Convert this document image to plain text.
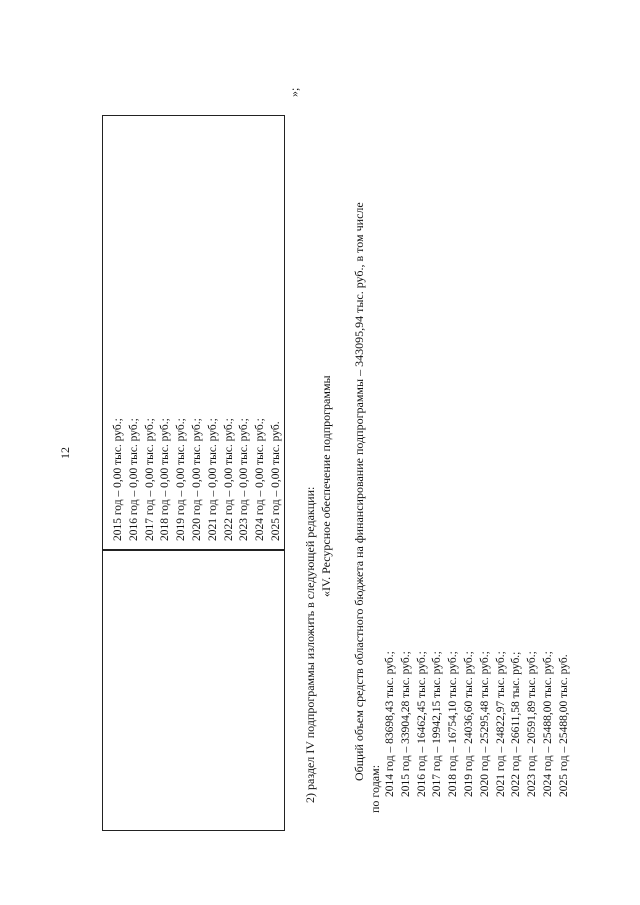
12	2015 год – 0,00 тыс. руб.; 2016 год – 0,00 тыс. руб.; 2017 год – 0,00 тыс. руб.; 2018 год – 0,00 тыс. руб.; 2019 год – 0,00 тыс. руб.; 2020 год – 0,00 тыс. руб.; 2021 год – 0,00 тыс. руб.; 2022 год – 0,00 тыс. руб.; 2023 год – 0,00 тыс. руб.; 2024 год – 0,00 тыс. руб.; 2025 год – 0,00 тыс. руб.
»;
2) раздел IV подпрограммы изложить в следующей редакции:
«IV. Ресурсное обеспечение подпрограммы Общий объем средств областного бюджета на финансирование подпрограммы – 343095,94 тыс. руб., в том числе
по годам: 2014 год – 83698,43 тыс. руб.; 2015 год – 33904,28 тыс. руб.; 2016 год – 16462,45 тыс. руб.; 2017 год – 19942,15 тыс. руб.; 2018 год – 16754,10 тыс. руб.; 2019 год – 24036,60 тыс. руб.; 2020 год – 25295,48 тыс. руб.; 2021 год – 24822,97 тыс. руб.; 2022 год – 26611,58 тыс. руб.; 2023 год – 20591,89 тыс. руб.; 2024 год – 25488,00 тыс. руб.; 2025 год – 25488,00 тыс. руб.
